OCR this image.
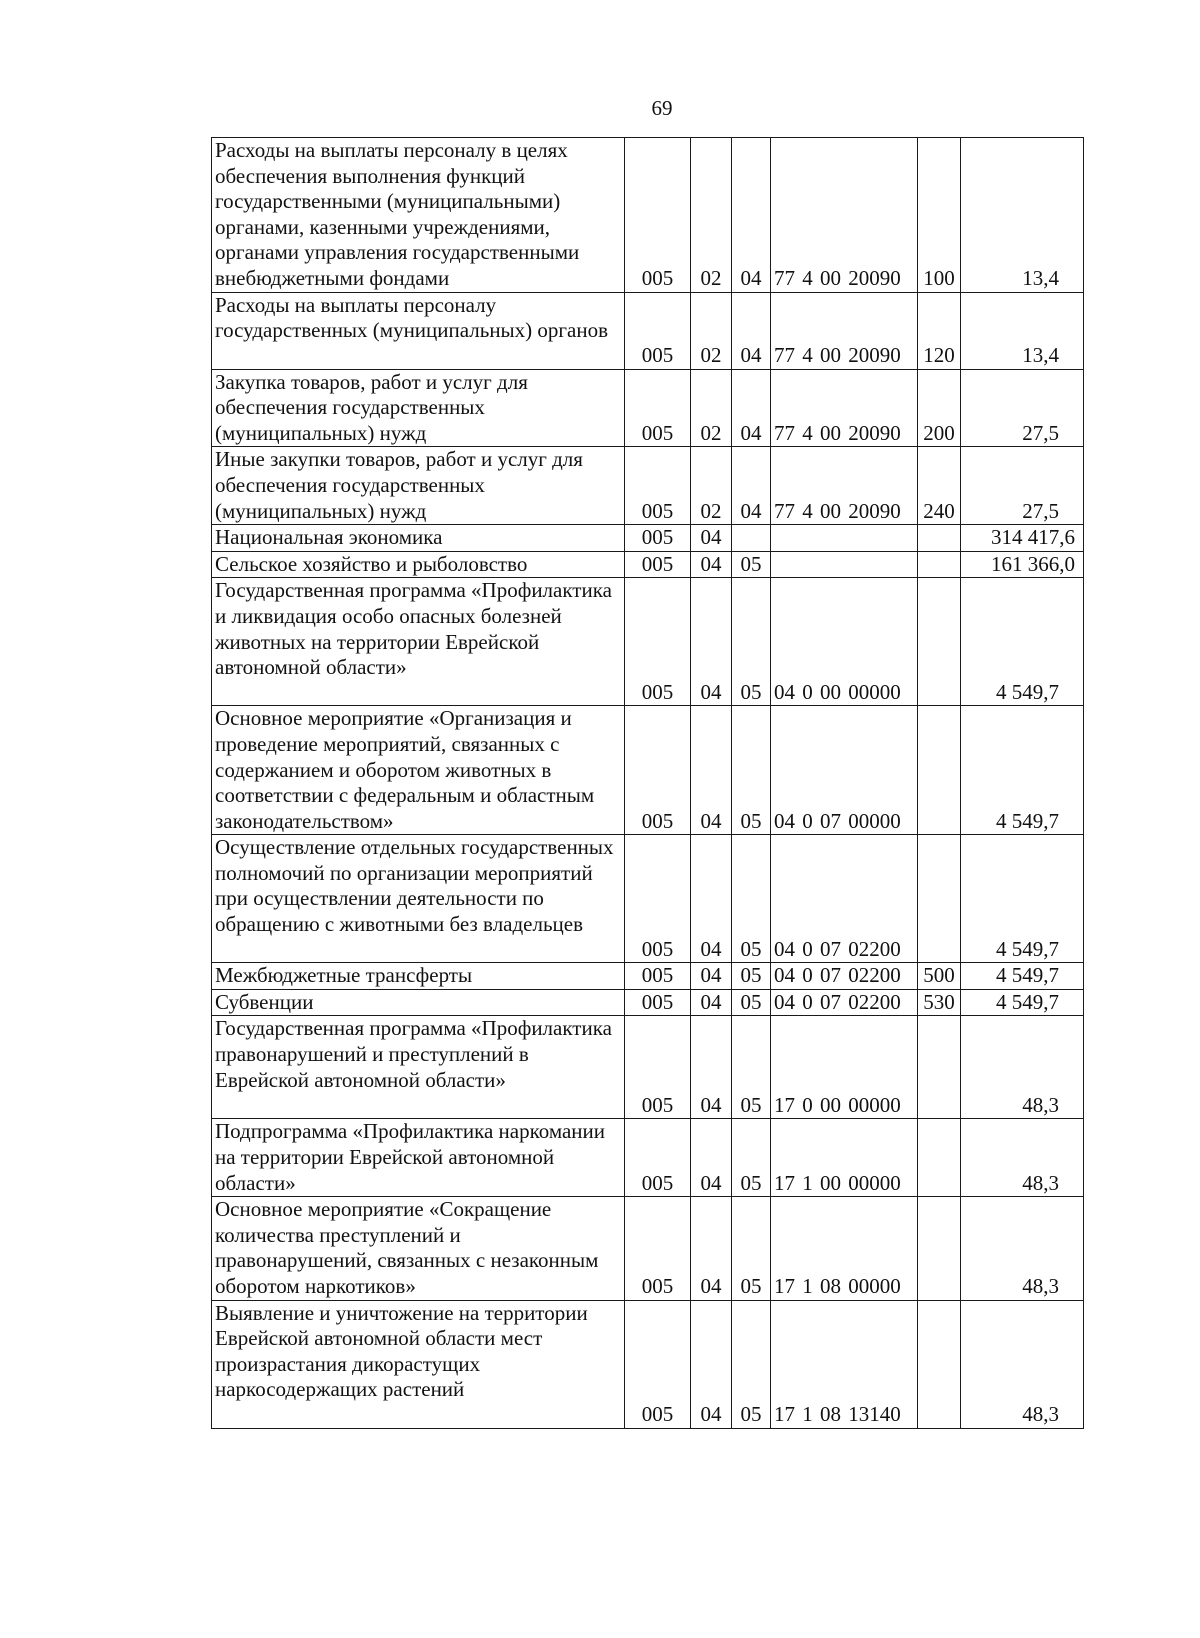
69
Расходы на выплаты персоналу в целях обеспечения выполнения функций государственными (муниципальными) органами, казенными учреждениями, органами управления государственными внебюджетными фондами	005	02	04	77 4 00 20090	100	13,4
Расходы на выплаты персоналу государственных (муниципальных) органов	005	02	04	77 4 00 20090	120	13,4
Закупка товаров, работ и услуг для обеспечения государственных (муниципальных) нужд	005	02	04	77 4 00 20090	200	27,5
Иные закупки товаров, работ и услуг для обеспечения государственных (муниципальных) нужд	005	02	04	77 4 00 20090	240	27,5
Национальная экономика	005	04				314 417,6
Сельское хозяйство и рыболовство	005	04	05			161 366,0
Государственная программа «Профилактика и ликвидация особо опасных болезней животных на территории Еврейской автономной области»	005	04	05	04 0 00 00000		4 549,7
Основное мероприятие «Организация и проведение мероприятий, связанных с содержанием и оборотом животных в соответствии с федеральным и областным законодательством»	005	04	05	04 0 07 00000		4 549,7
Осуществление отдельных государственных полномочий по организации мероприятий при осуществлении деятельности по обращению с животными без владельцев	005	04	05	04 0 07 02200		4 549,7
Межбюджетные трансферты	005	04	05	04 0 07 02200	500	4 549,7
Субвенции	005	04	05	04 0 07 02200	530	4 549,7
Государственная программа «Профилактика правонарушений и преступлений в Еврейской автономной области»	005	04	05	17 0 00 00000		48,3
Подпрограмма «Профилактика наркомании на территории Еврейской автономной области»	005	04	05	17 1 00 00000		48,3
Основное мероприятие «Сокращение количества преступлений и правонарушений, связанных с незаконным оборотом наркотиков»	005	04	05	17 1 08 00000		48,3
Выявление и уничтожение на территории Еврейской автономной области мест произрастания дикорастущих наркосодержащих растений	005	04	05	17 1 08 13140		48,3
